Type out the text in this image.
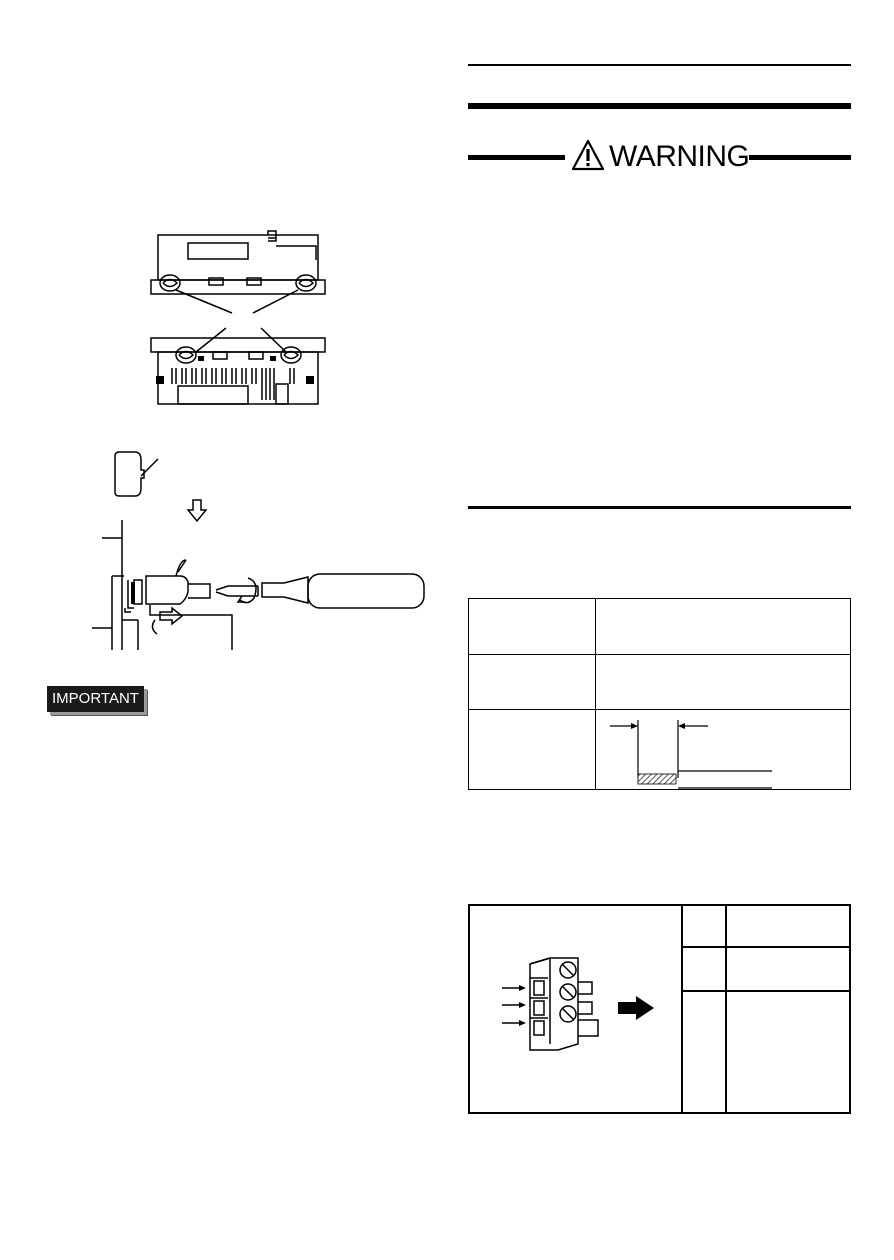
IMPORTANT
WARNING
